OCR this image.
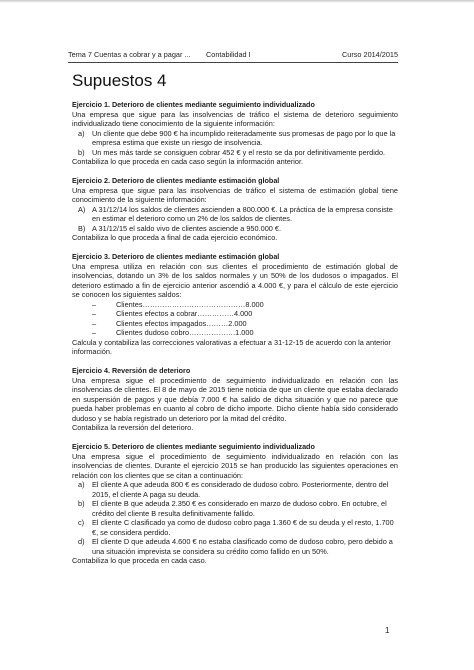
Tema 7 Cuentas a cobrar y a pagar ... Contabilidad I	Curso 2014/2015
Supuestos 4
Ejercicio 1. Deterioro de clientes mediante seguimiento individualizado
Una empresa que sigue para las insolvencias de tráfico el sistema de deterioro seguimiento individualizado tiene conocimiento de la siguiente información:
a) Un cliente que debe 900 € ha incumplido reiteradamente sus promesas de pago por lo que la empresa estima que existe un riesgo de insolvencia.
b) Un mes más tarde se consiguen cobrar 452 € y el resto se da por definitivamente perdido.
Contabiliza lo que proceda en cada caso según la información anterior.
Ejercicio 2. Deterioro de clientes mediante estimación global
Una empresa que sigue para las insolvencias de tráfico el sistema de estimación global tiene conocimiento de la siguiente información:
A) A 31/12/14 los saldos de clientes ascienden a 800.000 €. La práctica de la empresa consiste en estimar el deterioro como un 2% de los saldos de clientes.
B) A 31/12/15 el saldo vivo de clientes asciende a 950.000 €.
Contabiliza lo que proceda a final de cada ejercicio económico.
Ejercicio 3. Deterioro de clientes mediante estimación global
Una empresa utiliza en relación con sus clientes el procedimiento de estimación global de insolvencias, dotando un 3% de los saldos normales y un 50% de los dudosos o impagados. El deterioro estimado a fin de ejercicio anterior ascendió a 4.000 €, y para el cálculo de este ejercicio se conocen los siguientes saldos:
–	Clientes……………………………………8.000
–	Clientes efectos a cobrar……………4.000
–	Clientes efectos impagados………2.000
–	Clientes dudoso cobro……………….1.000
Calcula y contabiliza las correcciones valorativas a efectuar a 31-12-15 de acuerdo con la anterior información.
Ejercicio 4. Reversión de deterioro
Una empresa sigue el procedimiento de seguimiento individualizado en relación con las insolvencias de clientes. El 8 de mayo de 2015 tiene noticia de que un cliente que estaba declarado en suspensión de pagos y que debía 7.000 € ha salido de dicha situación y que no parece que pueda haber problemas en cuanto al cobro de dicho importe. Dicho cliente había sido considerado dudoso y se había registrado un deterioro por la mitad del crédito.
Contabiliza la reversión del deterioro.
Ejercicio 5. Deterioro de clientes mediante seguimiento individualizado
Una empresa sigue el procedimiento de seguimiento individualizado en relación con las insolvencias de clientes. Durante el ejercicio 2015 se han producido las siguientes operaciones en relación con los clientes que se citan a continuación:
a) El cliente A que adeuda 800 € es considerado de dudoso cobro. Posteriormente, dentro del 2015, el cliente A paga su deuda.
b) El cliente B que adeuda 2.350 € es considerado en marzo de dudoso cobro. En octubre, el crédito del cliente B resulta definitivamente fallido.
c) El cliente C clasificado ya como de dudoso cobro paga 1.360 € de su deuda y el resto, 1.700 €, se considera perdido.
d) El cliente D que adeuda 4.600 € no estaba clasificado como de dudoso cobro, pero debido a una situación imprevista se considera su crédito como fallido en un 50%.
Contabiliza lo que proceda en cada caso.
1
